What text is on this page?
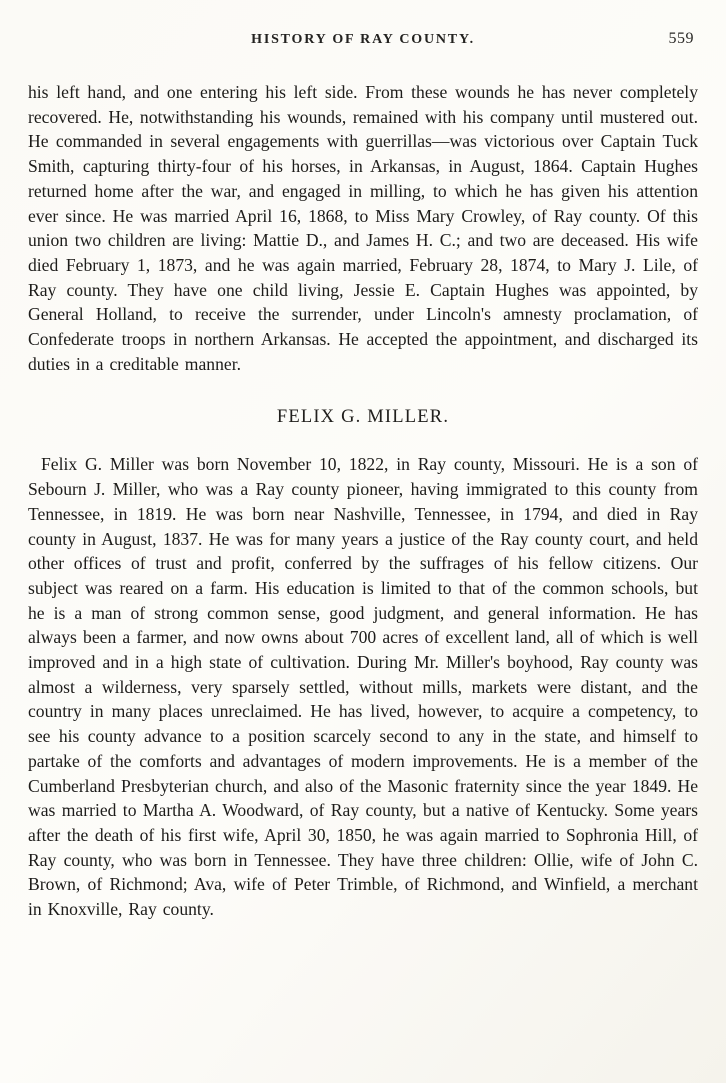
HISTORY OF RAY COUNTY.	559

his left hand, and one entering his left side. From these wounds he has never completely recovered. He, notwithstanding his wounds, remained with his company until mustered out. He commanded in several engagements with guerrillas—was victorious over Captain Tuck Smith, capturing thirty-four of his horses, in Arkansas, in August, 1864. Captain Hughes returned home after the war, and engaged in milling, to which he has given his attention ever since. He was married April 16, 1868, to Miss Mary Crowley, of Ray county. Of this union two children are living: Mattie D., and James H. C.; and two are deceased. His wife died February 1, 1873, and he was again married, February 28, 1874, to Mary J. Lile, of Ray county. They have one child living, Jessie E. Captain Hughes was appointed, by General Holland, to receive the surrender, under Lincoln's amnesty proclamation, of Confederate troops in northern Arkansas. He accepted the appointment, and discharged its duties in a creditable manner.

FELIX G. MILLER.

Felix G. Miller was born November 10, 1822, in Ray county, Missouri. He is a son of Sebourn J. Miller, who was a Ray county pioneer, having immigrated to this county from Tennessee, in 1819. He was born near Nashville, Tennessee, in 1794, and died in Ray county in August, 1837. He was for many years a justice of the Ray county court, and held other offices of trust and profit, conferred by the suffrages of his fellow citizens. Our subject was reared on a farm. His education is limited to that of the common schools, but he is a man of strong common sense, good judgment, and general information. He has always been a farmer, and now owns about 700 acres of excellent land, all of which is well improved and in a high state of cultivation. During Mr. Miller's boyhood, Ray county was almost a wilderness, very sparsely settled, without mills, markets were distant, and the country in many places unreclaimed. He has lived, however, to acquire a competency, to see his county advance to a position scarcely second to any in the state, and himself to partake of the comforts and advantages of modern improvements. He is a member of the Cumberland Presbyterian church, and also of the Masonic fraternity since the year 1849. He was married to Martha A. Woodward, of Ray county, but a native of Kentucky. Some years after the death of his first wife, April 30, 1850, he was again married to Sophronia Hill, of Ray county, who was born in Tennessee. They have three children: Ollie, wife of John C. Brown, of Richmond; Ava, wife of Peter Trimble, of Richmond, and Winfield, a merchant in Knoxville, Ray county.
